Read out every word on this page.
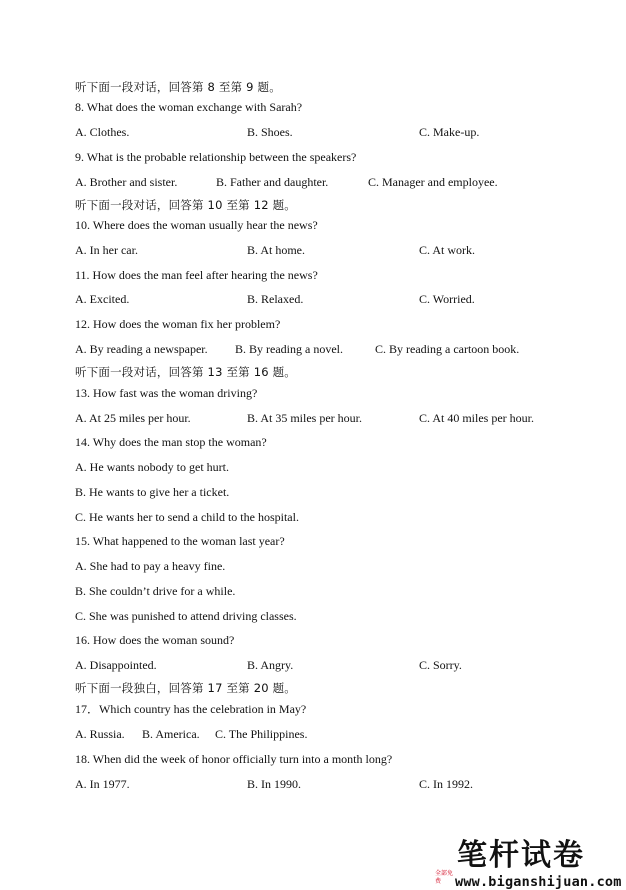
听下面一段对话，回答第 8 至第 9 题。
8. What does the woman exchange with Sarah?
A. Clothes.	B. Shoes.	C. Make-up.
9. What is the probable relationship between the speakers?
A. Brother and sister.	B. Father and daughter.	C. Manager and employee.
听下面一段对话，回答第 10 至第 12 题。
10. Where does the woman usually hear the news?
A. In her car.	B. At home.	C. At work.
11. How does the man feel after hearing the news?
A. Excited.	B. Relaxed.	C. Worried.
12. How does the woman fix her problem?
A. By reading a newspaper. B. By reading a novel.	C. By reading a cartoon book.
听下面一段对话，回答第 13 至第 16 题。
13. How fast was the woman driving?
A. At 25 miles per hour.	B. At 35 miles per hour.	C. At 40 miles per hour.
14. Why does the man stop the woman?
A. He wants nobody to get hurt.
B. He wants to give her a ticket.
C. He wants her to send a child to the hospital.
15. What happened to the woman last year?
A. She had to pay a heavy fine.
B. She couldn’t drive for a while.
C. She was punished to attend driving classes.
16. How does the woman sound?
A. Disappointed.	B. Angry.	C. Sorry.
听下面一段独白，回答第 17 至第 20 题。
17．Which country has the celebration in May?
A. Russia. B. America. C. The Philippines.
18. When did the week of honor officially turn into a month long?
A. In 1977.	B. In 1990.	C. In 1992.
全部免费
笔杆试卷
www.biganshijuan.com
